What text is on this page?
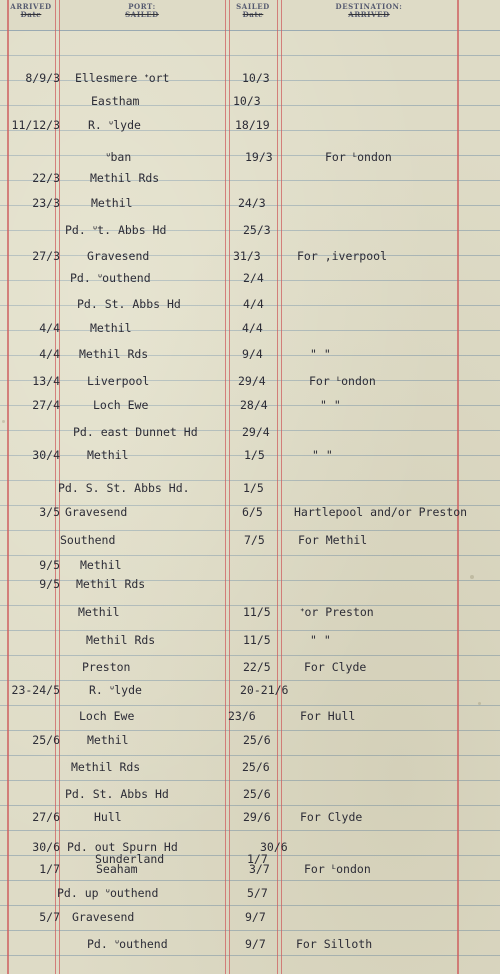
ARRIVED
Date
PORT:
SAILED
SAILED
Date
DESTINATION:
ARRIVED
8/9/3 Ellesmere ᐩort	10/3
Eastham	10/3
11/12/3 R. ᐡlyde	18/19
ᐡban	19/3	For ᒻondon
22/3	Methil Rds
23/3	Methil	24/3
Pd. ᐡt. Abbs Hd	25/3
27/3 Gravesend	31/3	For ,iverpool
Pd. ᐡouthend	2/4
Pd. St. Abbs Hd	4/4
4/4	Methil	4/4
4/4 Methil Rds	9/4	" "
13/4 Liverpool	29/4	For ᒻondon
27/4	Loch Ewe	28/4	" "
Pd. east Dunnet Hd	29/4
30/4 Methil	1/5	" "
Pd. S. St. Abbs Hd.	1/5
3/5 Gravesend	6/5	Hartlepool and/or Preston
Southend	7/5	For Methil
9/5 Methil
9/5 Methil Rds
Methil	11/5	ᐩor Preston
Methil Rds	11/5	" "
Preston	22/5	For Clyde
23-24/5	R. ᐡlyde	20-21/6
Loch Ewe	23/6	For Hull
25/6 Methil	25/6
Methil Rds	25/6
Pd. St. Abbs Hd	25/6
27/6	Hull	29/6	For Clyde
30/6 Pd. out Spurn Hd	30/6
Sunderland	1/7
1/7	Seaham	3/7	For ᒻondon
Pd. up ᐡouthend	5/7
5/7 Gravesend	9/7
Pd. ᐡouthend	9/7	For Silloth
